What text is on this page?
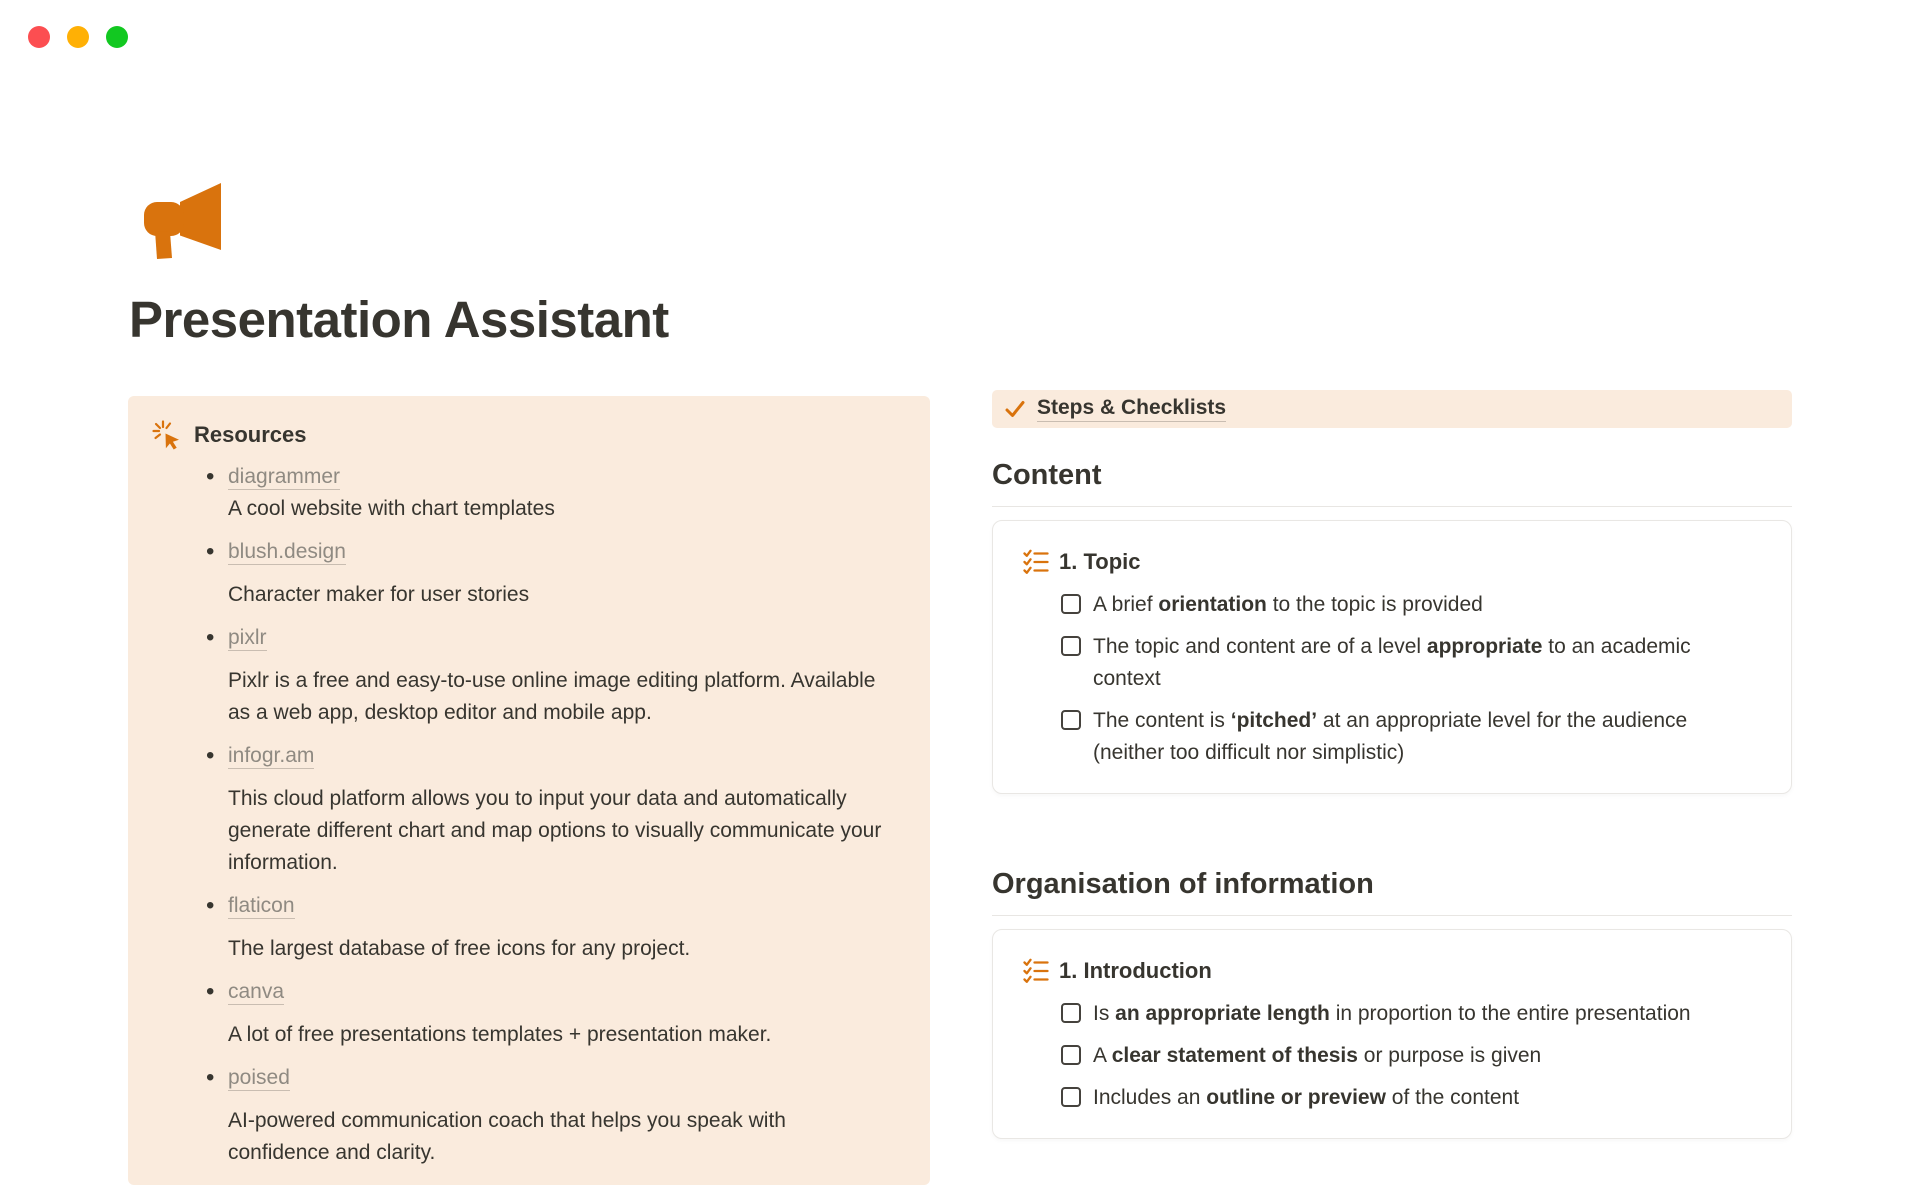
Presentation Assistant
Resources
• diagrammer

A cool website with chart templates

• blush.design

Character maker for user stories

• pixlr

Pixlr is a free and easy-to-use online image editing platform. Available as a web app, desktop editor and mobile app.

• infogr.am

This cloud platform allows you to input your data and automatically generate different chart and map options to visually communicate your information.

• flaticon

The largest database of free icons for any project.

• canva

A lot of free presentations templates + presentation maker.

• poised

AI-powered communication coach that helps you speak with confidence and clarity.

Steps & Checklists
Content
1. Topic
A brief orientation to the topic is provided
The topic and content are of a level appropriate to an academic context
The content is ‘pitched’ at an appropriate level for the audience (neither too difficult nor simplistic)
Organisation of information
1. Introduction
Is an appropriate length in proportion to the entire presentation
A clear statement of thesis or purpose is given
Includes an outline or preview of the content
